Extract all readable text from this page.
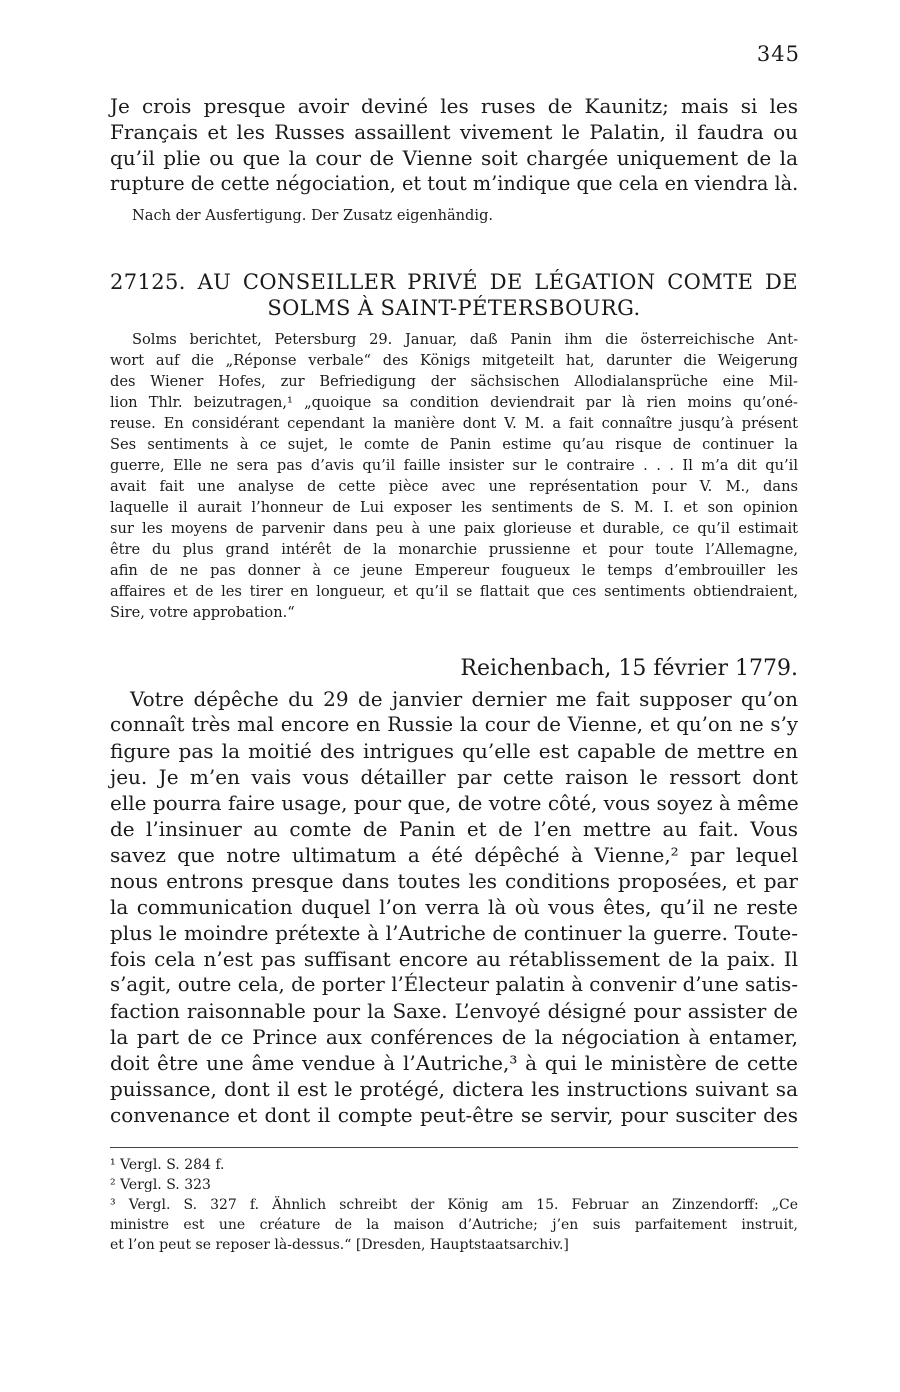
345
Je crois presque avoir deviné les ruses de Kaunitz; mais si les
Français et les Russes assaillent vivement le Palatin, il faudra ou
qu’il plie ou que la cour de Vienne soit chargée uniquement de la
rupture de cette négociation, et tout m’indique que cela en viendra là.
Nach der Ausfertigung. Der Zusatz eigenhändig.
27125. AU CONSEILLER PRIVÉ DE LÉGATION COMTE DE
SOLMS À SAINT-PÉTERSBOURG.
Solms berichtet, Petersburg 29. Januar, daß Panin ihm die österreichische Ant-
wort auf die „Réponse verbale“ des Königs mitgeteilt hat, darunter die Weigerung
des Wiener Hofes, zur Befriedigung der sächsischen Allodialansprüche eine Mil-
lion Thlr. beizutragen,¹ „quoique sa condition deviendrait par là rien moins qu’oné-
reuse. En considérant cependant la manière dont V. M. a fait connaître jusqu’à présent
Ses sentiments à ce sujet, le comte de Panin estime qu’au risque de continuer la
guerre, Elle ne sera pas d’avis qu’il faille insister sur le contraire . . . Il m’a dit qu’il
avait fait une analyse de cette pièce avec une représentation pour V. M., dans
laquelle il aurait l’honneur de Lui exposer les sentiments de S. M. I. et son opinion
sur les moyens de parvenir dans peu à une paix glorieuse et durable, ce qu’il estimait
être du plus grand intérêt de la monarchie prussienne et pour toute l’Allemagne,
afin de ne pas donner à ce jeune Empereur fougueux le temps d’embrouiller les
affaires et de les tirer en longueur, et qu’il se flattait que ces sentiments obtiendraient,
Sire, votre approbation.“
Reichenbach, 15 février 1779.
Votre dépêche du 29 de janvier dernier me fait supposer qu’on
connaît très mal encore en Russie la cour de Vienne, et qu’on ne s’y
figure pas la moitié des intrigues qu’elle est capable de mettre en
jeu. Je m’en vais vous détailler par cette raison le ressort dont
elle pourra faire usage, pour que, de votre côté, vous soyez à même
de l’insinuer au comte de Panin et de l’en mettre au fait. Vous
savez que notre ultimatum a été dépêché à Vienne,² par lequel
nous entrons presque dans toutes les conditions proposées, et par
la communication duquel l’on verra là où vous êtes, qu’il ne reste
plus le moindre prétexte à l’Autriche de continuer la guerre. Toute-
fois cela n’est pas suffisant encore au rétablissement de la paix. Il
s’agit, outre cela, de porter l’Électeur palatin à convenir d’une satis-
faction raisonnable pour la Saxe. L’envoyé désigné pour assister de
la part de ce Prince aux conférences de la négociation à entamer,
doit être une âme vendue à l’Autriche,³ à qui le ministère de cette
puissance, dont il est le protégé, dictera les instructions suivant sa
convenance et dont il compte peut-être se servir, pour susciter des
¹ Vergl. S. 284 f.
² Vergl. S. 323
³ Vergl. S. 327 f. Ähnlich schreibt der König am 15. Februar an Zinzendorff: „Ce
ministre est une créature de la maison d’Autriche; j’en suis parfaitement instruit,
et l’on peut se reposer là-dessus.“ [Dresden, Hauptstaatsarchiv.]
